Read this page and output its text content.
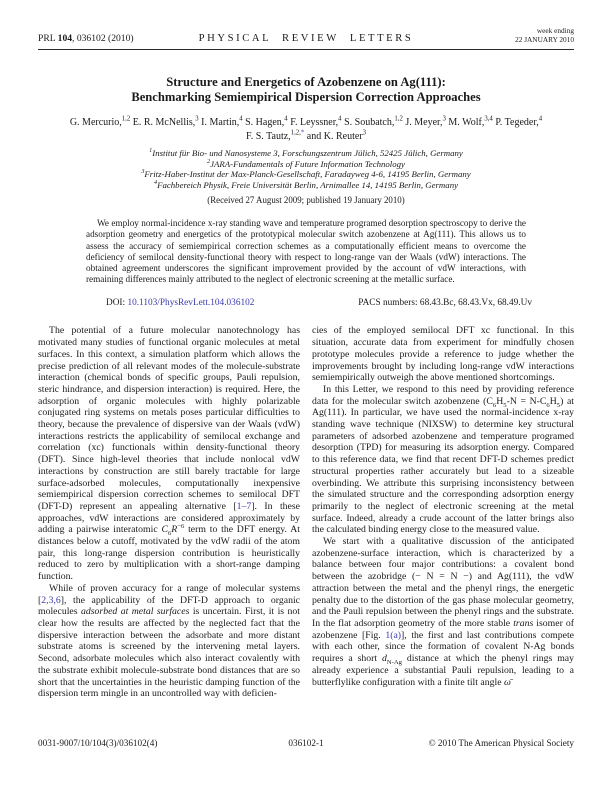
PRL 104, 036102 (2010)	PHYSICAL REVIEW LETTERS
week ending
22 JANUARY 2010
Structure and Energetics of Azobenzene on Ag(111):
Benchmarking Semiempirical Dispersion Correction Approaches
G. Mercurio,$^{1,2}$ E. R. McNellis,$^3$ I. Martin,$^4$ S. Hagen,$^4$ F. Leyssner,$^4$ S. Soubatch,$^{1,2}$ J. Meyer,$^3$ M. Wolf,$^{3,4}$ P. Tegeder,$^4$
F. S. Tautz,$^{1,2,*}$ and K. Reuter$^3$
$^1$Institut für Bio- und Nanosysteme 3, Forschungszentrum Jülich, 52425 Jülich, Germany
$^2$JARA-Fundamentals of Future Information Technology
$^3$Fritz-Haber-Institut der Max-Planck-Gesellschaft, Faradayweg 4-6, 14195 Berlin, Germany
$^4$Fachbereich Physik, Freie Universität Berlin, Arnimallee 14, 14195 Berlin, Germany
(Received 27 August 2009; published 19 January 2010)
We employ normal-incidence x-ray standing wave and temperature programed desorption spectroscopy to derive the adsorption geometry and energetics of the prototypical molecular switch azobenzene at Ag(111). This allows us to assess the accuracy of semiempirical correction schemes as a computationally efficient means to overcome the deficiency of semilocal density-functional theory with respect to long-range van der Waals (vdW) interactions. The obtained agreement underscores the significant improvement provided by the account of vdW interactions, with remaining differences mainly attributed to the neglect of electronic screening at the metallic surface.
DOI: 10.1103/PhysRevLett.104.036102	PACS numbers: 68.43.Bc, 68.43.Vx, 68.49.Uv
The potential of a future molecular nanotechnology has motivated many studies of functional organic molecules at metal surfaces. In this context, a simulation platform which allows the precise prediction of all relevant modes of the molecule-substrate interaction (chemical bonds of specific groups, Pauli repulsion, steric hindrance, and dispersion interaction) is required. Here, the adsorption of organic molecules with highly polarizable conjugated ring systems on metals poses particular difficulties to theory, because the prevalence of dispersive van der Waals (vdW) interactions restricts the applicability of semilocal exchange and correlation (xc) functionals within density-functional theory (DFT). Since high-level theories that include nonlocal vdW interactions by construction are still barely tractable for large surface-adsorbed molecules, computationally inexpensive semiempirical dispersion correction schemes to semilocal DFT (DFT-D) represent an appealing alternative [1–7]. In these approaches, vdW interactions are considered approximately by adding a pairwise interatomic $C_6R^{-6}$ term to the DFT energy. At distances below a cutoff, motivated by the vdW radii of the atom pair, this long-range dispersion contribution is heuristically reduced to zero by multiplication with a short-range damping function.
While of proven accuracy for a range of molecular systems [2,3,6], the applicability of the DFT-D approach to organic molecules adsorbed at metal surfaces is uncertain. First, it is not clear how the results are affected by the neglected fact that the dispersive interaction between the adsorbate and more distant substrate atoms is screened by the intervening metal layers. Second, adsorbate molecules which also interact covalently with the substrate exhibit molecule-substrate bond distances that are so short that the uncertainties in the heuristic damping function of the dispersion term mingle in an uncontrolled way with deficien-
cies of the employed semilocal DFT xc functional. In this situation, accurate data from experiment for mindfully chosen prototype molecules provide a reference to judge whether the improvements brought by including long-range vdW interactions semiempirically outweigh the above mentioned shortcomings.
In this Letter, we respond to this need by providing reference data for the molecular switch azobenzene $(C_6H_5-N = N-C_6H_5)$ at Ag(111). In particular, we have used the normal-incidence x-ray standing wave technique (NIXSW) to determine key structural parameters of adsorbed azobenzene and temperature programed desorption (TPD) for measuring its adsorption energy. Compared to this reference data, we find that recent DFT-D schemes predict structural properties rather accurately but lead to a sizeable overbinding. We attribute this surprising inconsistency between the simulated structure and the corresponding adsorption energy primarily to the neglect of electronic screening at the metal surface. Indeed, already a crude account of the latter brings also the calculated binding energy close to the measured value.
We start with a qualitative discussion of the anticipated azobenzene-surface interaction, which is characterized by a balance between four major contributions: a covalent bond between the azobridge (− N = N −) and Ag(111), the vdW attraction between the metal and the phenyl rings, the energetic penalty due to the distortion of the gas phase molecular geometry, and the Pauli repulsion between the phenyl rings and the substrate. In the flat adsorption geometry of the more stable trans isomer of azobenzene [Fig. 1(a)], the first and last contributions compete with each other, since the formation of covalent N-Ag bonds requires a short $d_{N-Ag}$ distance at which the phenyl rings may already experience a substantial Pauli repulsion, leading to a butterflylike configuration with a finite tilt angle ω̄
0031-9007/10/104(3)/036102(4)	036102-1	© 2010 The American Physical Society
